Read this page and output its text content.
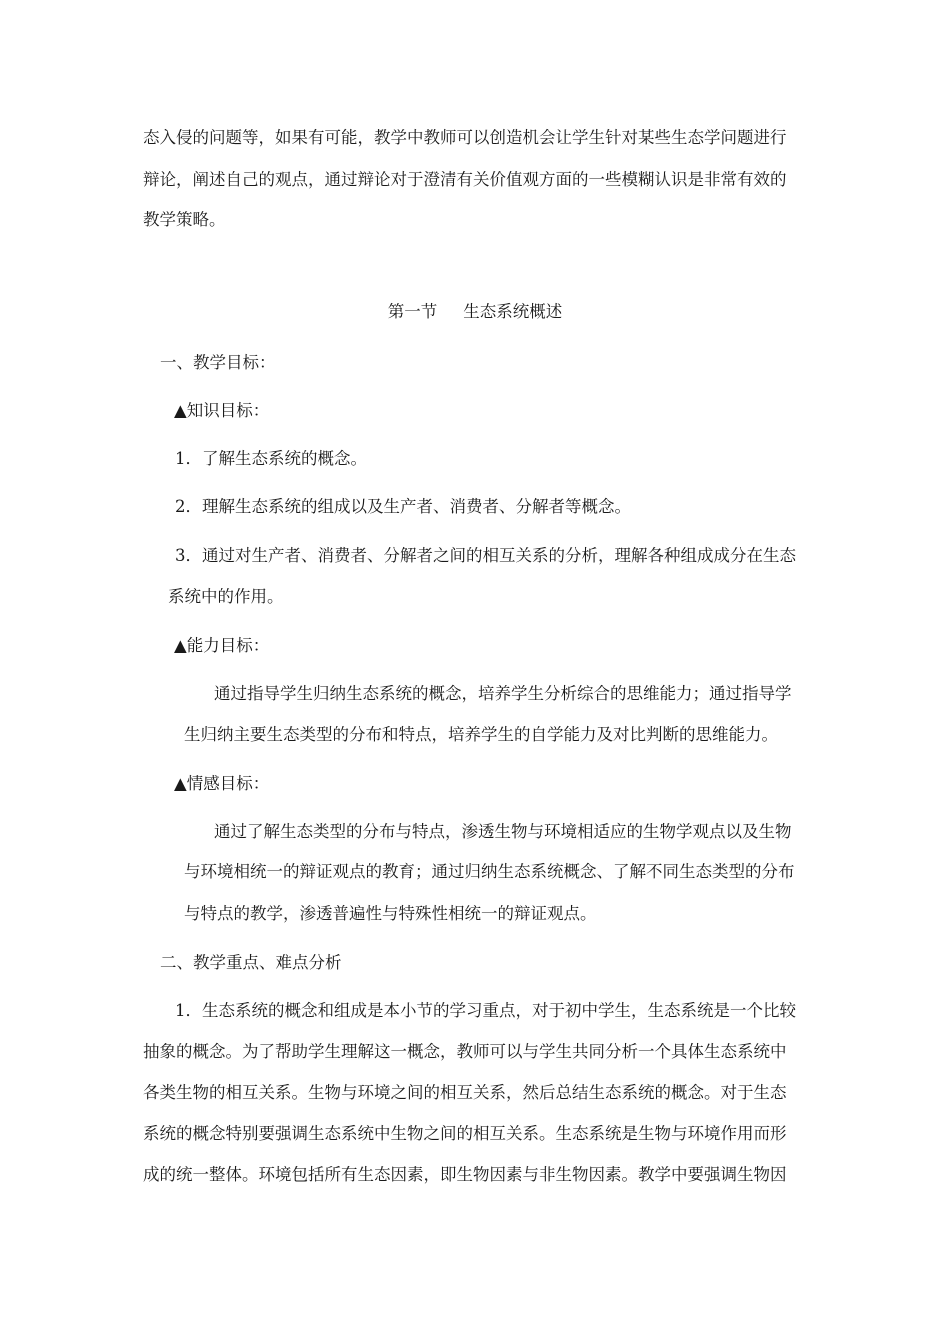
态入侵的问题等，如果有可能，教学中教师可以创造机会让学生针对某些生态学问题进行
辩论，阐述自己的观点，通过辩论对于澄清有关价值观方面的一些模糊认识是非常有效的
教学策略。
第一节 生态系统概述
一、教学目标：
▲知识目标：
1．了解生态系统的概念。
2．理解生态系统的组成以及生产者、消费者、分解者等概念。
3．通过对生产者、消费者、分解者之间的相互关系的分析，理解各种组成成分在生态
系统中的作用。
▲能力目标：
通过指导学生归纳生态系统的概念，培养学生分析综合的思维能力；通过指导学
生归纳主要生态类型的分布和特点，培养学生的自学能力及对比判断的思维能力。
▲情感目标：
通过了解生态类型的分布与特点，渗透生物与环境相适应的生物学观点以及生物
与环境相统一的辩证观点的教育；通过归纳生态系统概念、了解不同生态类型的分布
与特点的教学，渗透普遍性与特殊性相统一的辩证观点。
二、教学重点、难点分析
1．生态系统的概念和组成是本小节的学习重点，对于初中学生，生态系统是一个比较
抽象的概念。为了帮助学生理解这一概念，教师可以与学生共同分析一个具体生态系统中
各类生物的相互关系。生物与环境之间的相互关系，然后总结生态系统的概念。对于生态
系统的概念特别要强调生态系统中生物之间的相互关系。生态系统是生物与环境作用而形
成的统一整体。环境包括所有生态因素，即生物因素与非生物因素。教学中要强调生物因
